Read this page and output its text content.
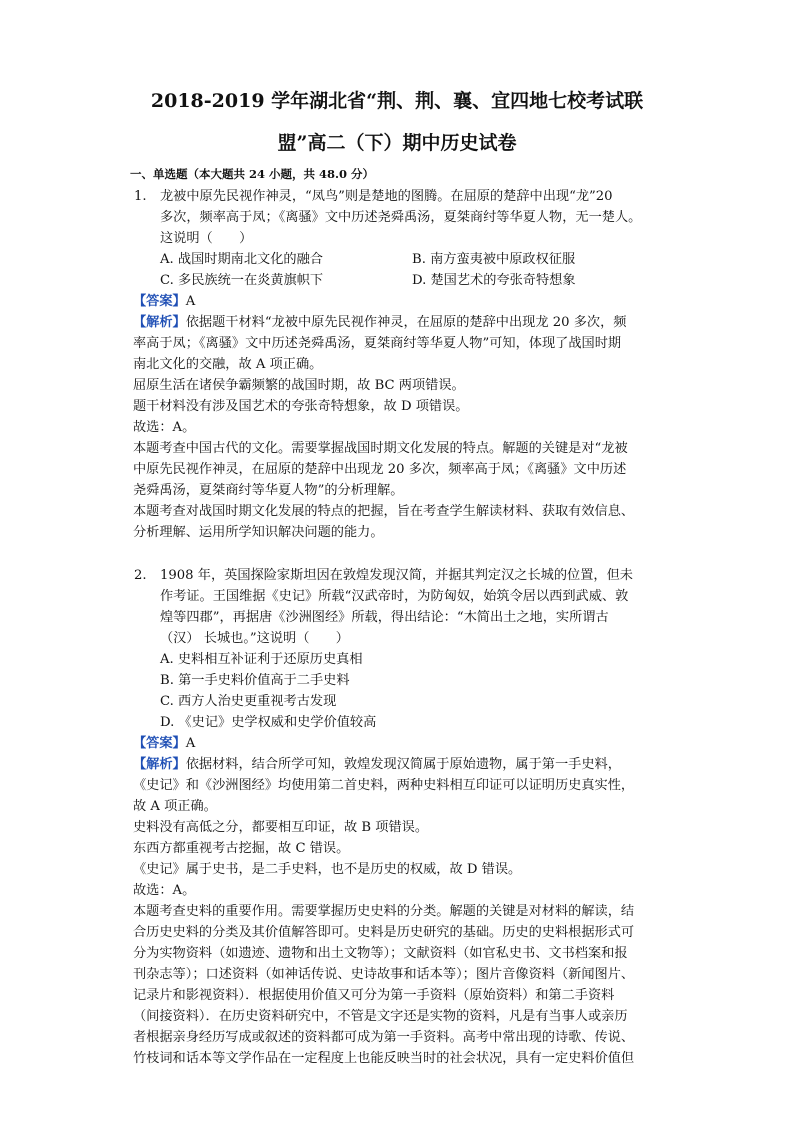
2018-2019 学年湖北省“荆、荆、襄、宜四地七校考试联
盟”高二（下）期中历史试卷
一、单选题（本大题共 24 小题，共 48.0 分）
1. 龙被中原先民视作神灵，“凤鸟”则是楚地的图腾。在屈原的楚辞中出现“龙”20
多次，频率高于凤；《离骚》文中历述尧舜禹汤，夏桀商纣等华夏人物，无一楚人。
这说明（　　）
A. 战国时期南北文化的融合	B. 南方蛮夷被中原政权征服
C. 多民族统一在炎黄旗帜下	D. 楚国艺术的夸张奇特想象
【答案】A
【解析】依据题干材料“龙被中原先民视作神灵，在屈原的楚辞中出现龙 20 多次，频
率高于凤；《离骚》文中历述尧舜禹汤，夏桀商纣等华夏人物”可知，体现了战国时期
南北文化的交融，故 A 项正确。
屈原生活在诸侯争霸频繁的战国时期，故 BC 两项错误。
题干材料没有涉及国艺术的夸张奇特想象，故 D 项错误。
故选：A。
本题考查中国古代的文化。需要掌握战国时期文化发展的特点。解题的关键是对“龙被
中原先民视作神灵，在屈原的楚辞中出现龙 20 多次，频率高于凤；《离骚》文中历述
尧舜禹汤，夏桀商纣等华夏人物”的分析理解。
本题考查对战国时期文化发展的特点的把握，旨在考查学生解读材料、获取有效信息、
分析理解、运用所学知识解决问题的能力。
2. 1908 年，英国探险家斯坦因在敦煌发现汉简，并据其判定汉之长城的位置，但未
作考证。王国维据《史记》所载“汉武帝时，为防匈奴，始筑令居以西到武威、敦
煌等四郡”，再据唐《沙洲图经》所载，得出结论：“木简出土之地，实所谓古
（汉） 长城也。”这说明（　　）
A. 史料相互补证利于还原历史真相
B. 第一手史料价值高于二手史料
C. 西方人治史更重视考古发现
D. 《史记》史学权威和史学价值较高
【答案】A
【解析】依据材料，结合所学可知，敦煌发现汉简属于原始遗物，属于第一手史料，
《史记》和《沙洲图经》均使用第二首史料，两种史料相互印证可以证明历史真实性，
故 A 项正确。
史料没有高低之分，都要相互印证，故 B 项错误。
东西方都重视考古挖掘，故 C 错误。
《史记》属于史书，是二手史料，也不是历史的权威，故 D 错误。
故选：A。
本题考查史料的重要作用。需要掌握历史史料的分类。解题的关键是对材料的解读，结
合历史史料的分类及其价值解答即可。史料是历史研究的基础。历史的史料根据形式可
分为实物资料（如遗迹、遗物和出土文物等）；文献资料（如官私史书、文书档案和报
刊杂志等）；口述资料（如神话传说、史诗故事和话本等）；图片音像资料（新闻图片、
记录片和影视资料）．根据使用价值又可分为第一手资料（原始资料）和第二手资料
（间接资料）．在历史资料研究中，不管是文字还是实物的资料，凡是有当事人或亲历
者根据亲身经历写成或叙述的资料都可成为第一手资料。高考中常出现的诗歌、传说、
竹枝词和话本等文学作品在一定程度上也能反映当时的社会状况，具有一定史料价值但
